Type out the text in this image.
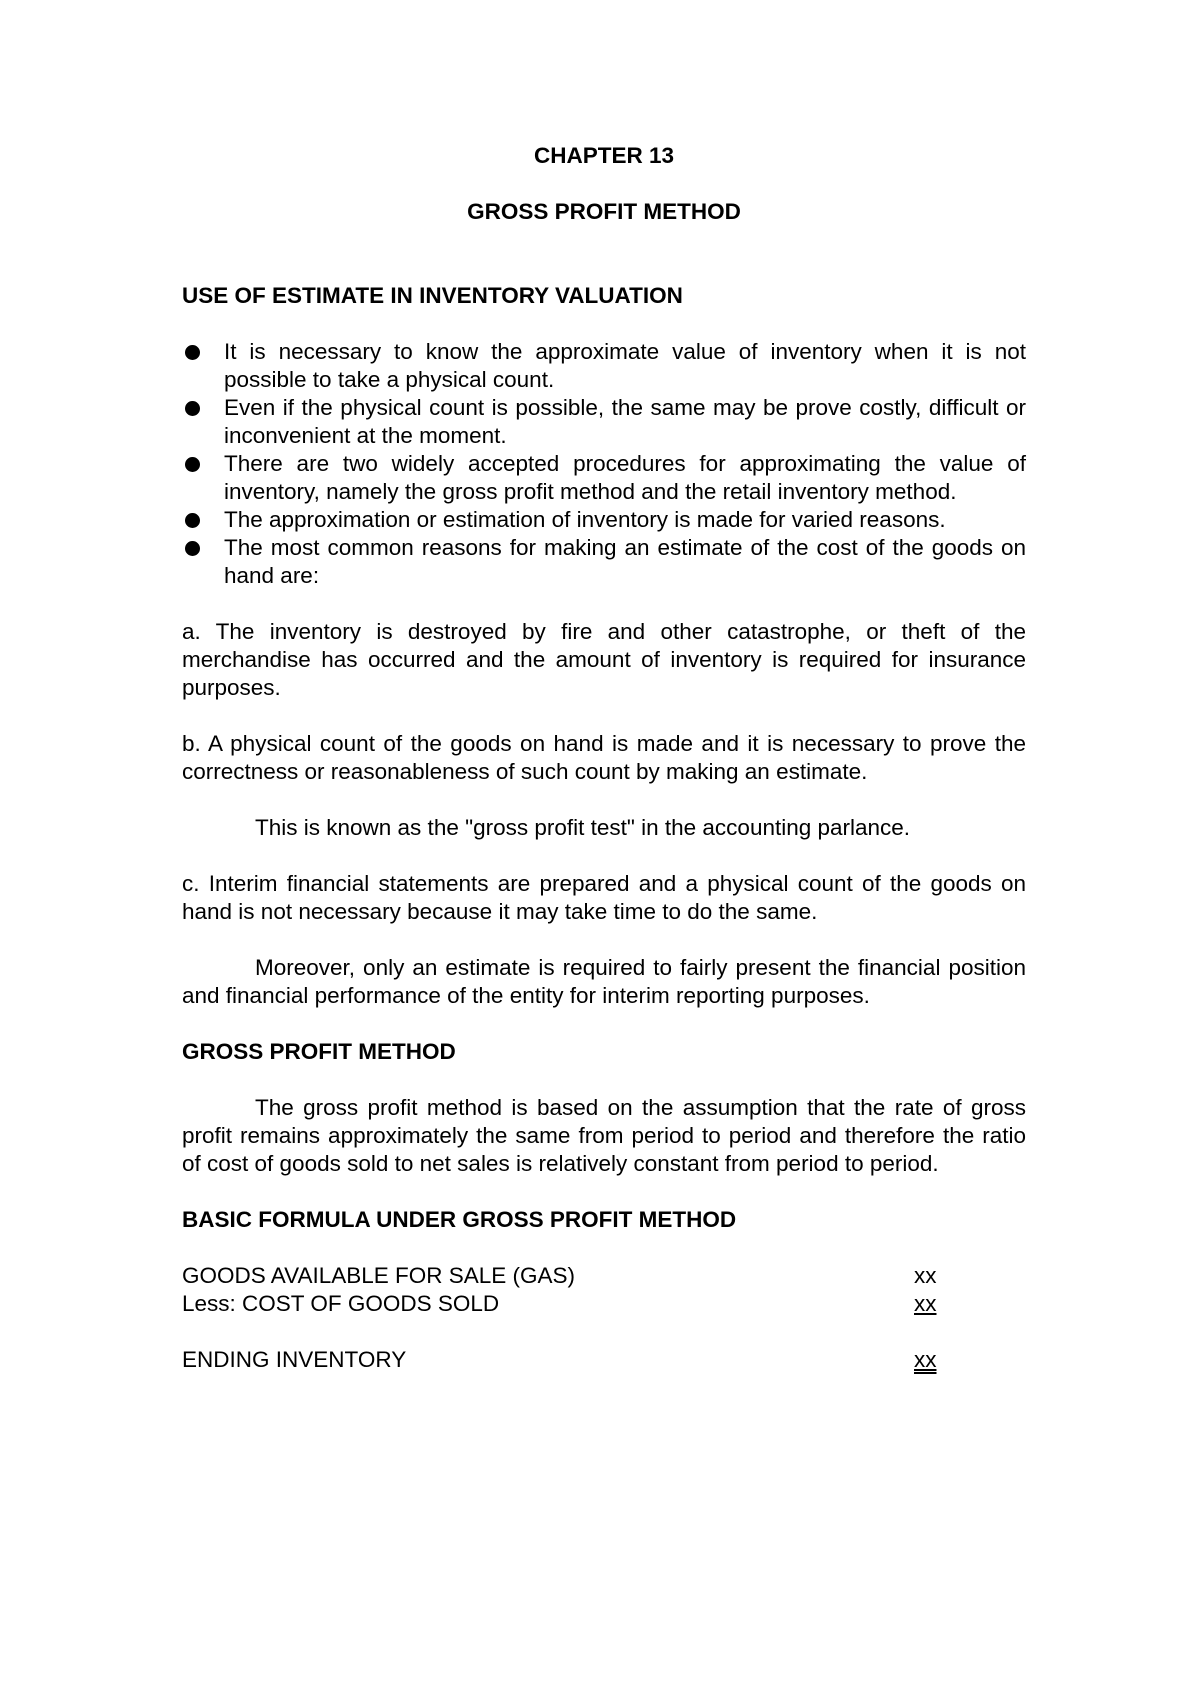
CHAPTER 13

GROSS PROFIT METHOD

USE OF ESTIMATE IN INVENTORY VALUATION

It is necessary to know the approximate value of inventory when it is not possible to take a physical count.
Even if the physical count is possible, the same may be prove costly, difficult or inconvenient at the moment.
There are two widely accepted procedures for approximating the value of inventory, namely the gross profit method and the retail inventory method.
The approximation or estimation of inventory is made for varied reasons.
The most common reasons for making an estimate of the cost of the goods on hand are:

a. The inventory is destroyed by fire and other catastrophe, or theft of the merchandise has occurred and the amount of inventory is required for insurance purposes.

b. A physical count of the goods on hand is made and it is necessary to prove the correctness or reasonableness of such count by making an estimate.

This is known as the "gross profit test" in the accounting parlance.

c. Interim financial statements are prepared and a physical count of the goods on hand is not necessary because it may take time to do the same.

Moreover, only an estimate is required to fairly present the financial position and financial performance of the entity for interim reporting purposes.

GROSS PROFIT METHOD

The gross profit method is based on the assumption that the rate of gross profit remains approximately the same from period to period and therefore the ratio of cost of goods sold to net sales is relatively constant from period to period.

BASIC FORMULA UNDER GROSS PROFIT METHOD

GOODS AVAILABLE FOR SALE (GAS)	xx
Less: COST OF GOODS SOLD	xx
ENDING INVENTORY	xx
